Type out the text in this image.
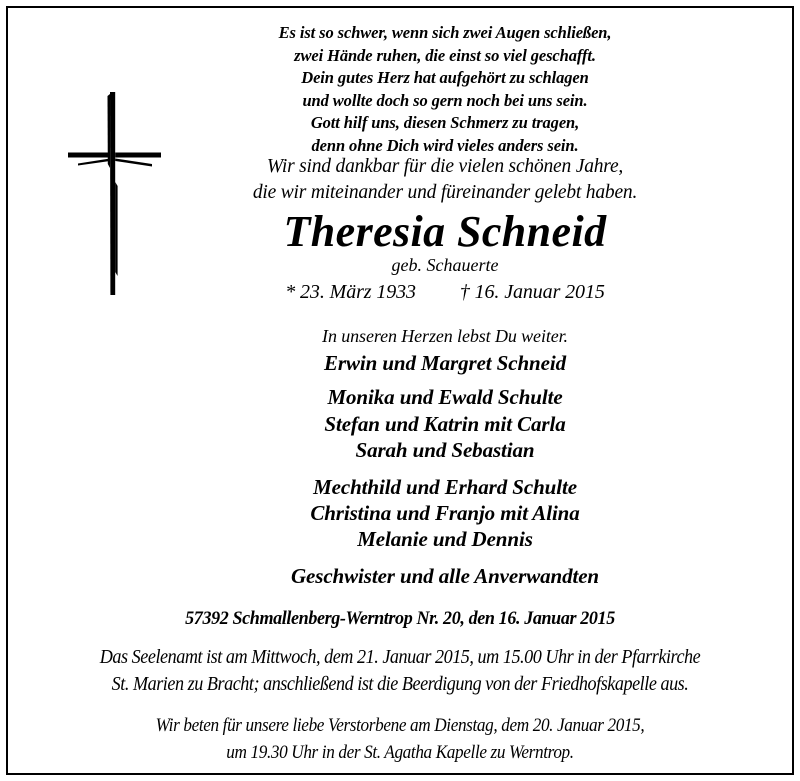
Es ist so schwer, wenn sich zwei Augen schließen,
zwei Hände ruhen, die einst so viel geschafft.
Dein gutes Herz hat aufgehört zu schlagen
und wollte doch so gern noch bei uns sein.
Gott hilf uns, diesen Schmerz zu tragen,
denn ohne Dich wird vieles anders sein.
Wir sind dankbar für die vielen schönen Jahre,
die wir miteinander und füreinander gelebt haben.
Theresia Schneid
geb. Schauerte
* 23. März 1933 † 16. Januar 2015
In unseren Herzen lebst Du weiter.
Erwin und Margret Schneid
Monika und Ewald Schulte
Stefan und Katrin mit Carla
Sarah und Sebastian
Mechthild und Erhard Schulte
Christina und Franjo mit Alina
Melanie und Dennis
Geschwister und alle Anverwandten
57392 Schmallenberg-Werntrop Nr. 20, den 16. Januar 2015
Das Seelenamt ist am Mittwoch, dem 21. Januar 2015, um 15.00 Uhr in der Pfarrkirche
St. Marien zu Bracht; anschließend ist die Beerdigung von der Friedhofskapelle aus.
Wir beten für unsere liebe Verstorbene am Dienstag, dem 20. Januar 2015,
um 19.30 Uhr in der St. Agatha Kapelle zu Werntrop.
